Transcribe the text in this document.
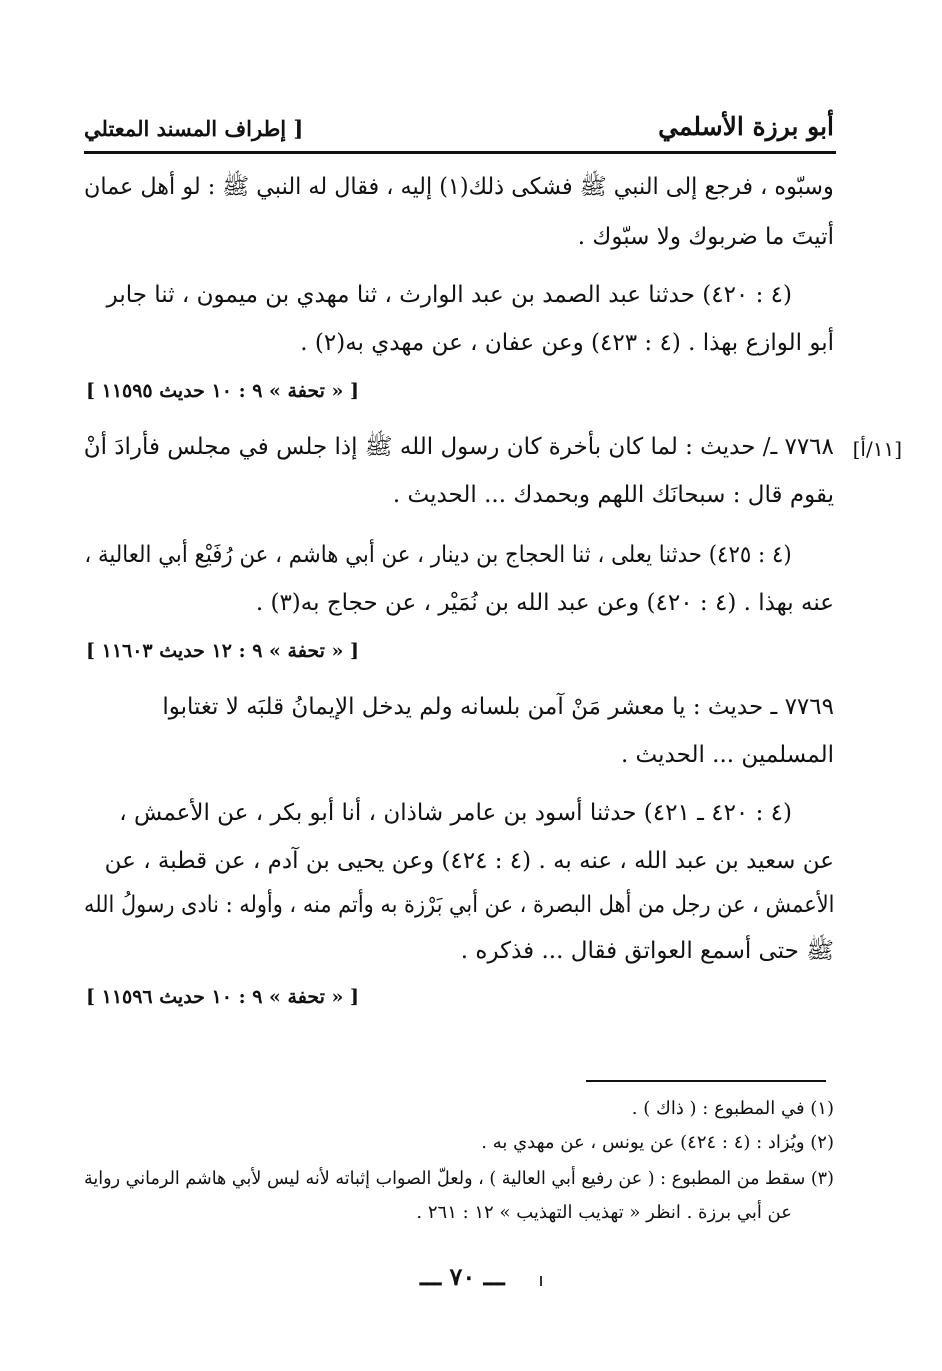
أبو برزة الأسلمي
[ إطراف المسند المعتلي
وسبّوه ، فرجع إلى النبي ﷺ فشكى ذلك(١) إليه ، فقال له النبي ﷺ : لو أهل عمان
أتيتَ ما ضربوك ولا سبّوك .
(٤ : ٤٢٠) حدثنا عبد الصمد بن عبد الوارث ، ثنا مهدي بن ميمون ، ثنا جابر
أبو الوازع بهذا . (٤ : ٤٢٣) وعن عفان ، عن مهدي به(٢) .
[ « تحفة » ٩ : ١٠ حديث ١١٥٩٥ ]
[١١/أ]
٧٧٦٨ ـ/ حديث : لما كان بأخرة كان رسول الله ﷺ إذا جلس في مجلس فأرادَ أنْ
يقوم قال : سبحانَك اللهم وبحمدك ... الحديث .
(٤ : ٤٢٥) حدثنا يعلى ، ثنا الحجاج بن دينار ، عن أبي هاشم ، عن رُفَيْع أبي العالية ،
عنه بهذا . (٤ : ٤٢٠) وعن عبد الله بن نُمَيْر ، عن حجاج به(٣) .
[ « تحفة » ٩ : ١٢ حديث ١١٦٠٣ ]
٧٧٦٩ ـ حديث : يا معشر مَنْ آمن بلسانه ولم يدخل الإيمانُ قلبَه لا تغتابوا
المسلمين ... الحديث .
(٤ : ٤٢٠ ـ ٤٢١) حدثنا أسود بن عامر شاذان ، أنا أبو بكر ، عن الأعمش ،
عن سعيد بن عبد الله ، عنه به . (٤ : ٤٢٤) وعن يحيى بن آدم ، عن قطبة ، عن
الأعمش ، عن رجل من أهل البصرة ، عن أبي بَرْزة به وأتم منه ، وأوله : نادى رسولُ الله
ﷺ حتى أسمع العواتق فقال ... فذكره .
[ « تحفة » ٩ : ١٠ حديث ١١٥٩٦ ]
(١) في المطبوع : ( ذاك ) .
(٢) ويُزاد : (٤ : ٤٢٤) عن يونس ، عن مهدي به .
(٣) سقط من المطبوع : ( عن رفيع أبي العالية ) ، ولعلّ الصواب إثباته لأنه ليس لأبي هاشم الرماني رواية
عن أبي برزة . انظر « تهذيب التهذيب » ١٢ : ٢٦١ .
ـــ ٧٠ ـــ
